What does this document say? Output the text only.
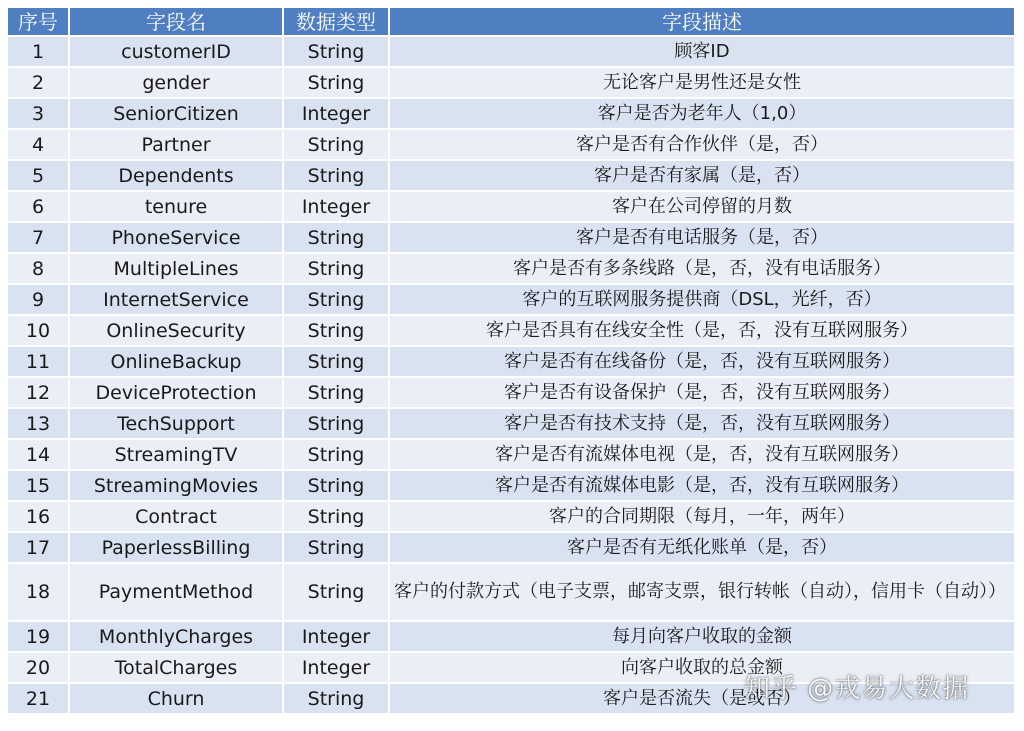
序号	字段名	数据类型	字段描述
1	customerID	String	顾客ID
2	gender	String	无论客户是男性还是女性
3	SeniorCitizen	Integer	客户是否为老年人（1,0）
4	Partner	String	客户是否有合作伙伴（是，否）
5	Dependents	String	客户是否有家属（是，否）
6	tenure	Integer	客户在公司停留的月数
7	PhoneService	String	客户是否有电话服务（是，否）
8	MultipleLines	String	客户是否有多条线路（是，否，没有电话服务）
9	InternetService	String	客户的互联网服务提供商（DSL，光纤，否）
10	OnlineSecurity	String	客户是否具有在线安全性（是，否，没有互联网服务）
11	OnlineBackup	String	客户是否有在线备份（是，否，没有互联网服务）
12	DeviceProtection	String	客户是否有设备保护（是，否，没有互联网服务）
13	TechSupport	String	客户是否有技术支持（是，否，没有互联网服务）
14	StreamingTV	String	客户是否有流媒体电视（是，否，没有互联网服务）
15	StreamingMovies	String	客户是否有流媒体电影（是，否，没有互联网服务）
16	Contract	String	客户的合同期限（每月，一年，两年）
17	PaperlessBilling	String	客户是否有无纸化账单（是，否）
18	PaymentMethod	String	客户的付款方式（电子支票，邮寄支票，银行转帐（自动），信用卡（自动））
19	MonthlyCharges	Integer	每月向客户收取的金额
20	TotalCharges	Integer	向客户收取的总金额
21	Churn	String	客户是否流失（是或否）
知乎 @戎易大数据
